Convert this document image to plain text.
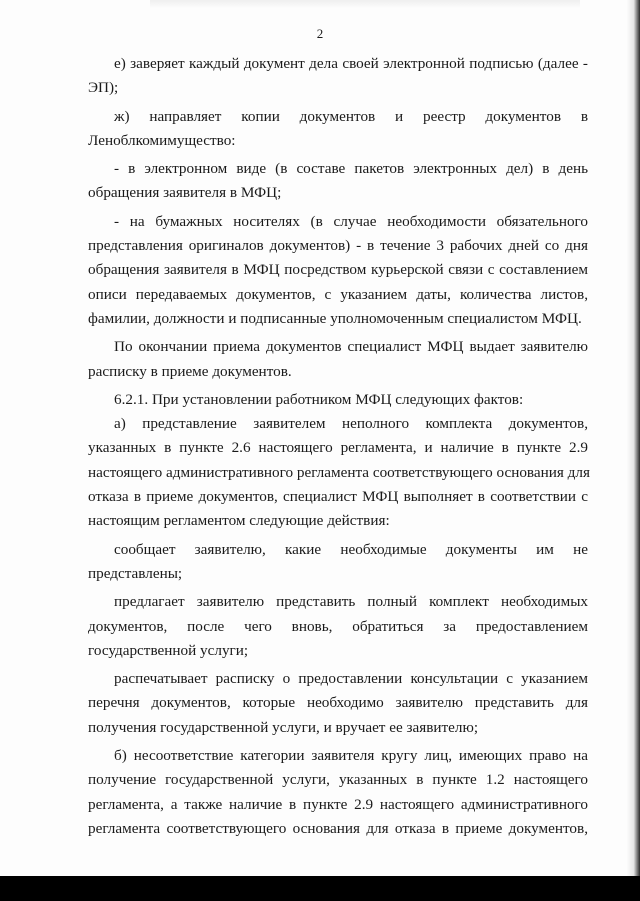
2
е) заверяет каждый документ дела своей электронной подписью (далее -
ЭП);
ж) направляет копии документов и реестр документов в
Леноблкомимущество:
- в электронном виде (в составе пакетов электронных дел) в день
обращения заявителя в МФЦ;
- на бумажных носителях (в случае необходимости обязательного
представления оригиналов документов) - в течение 3 рабочих дней со дня
обращения заявителя в МФЦ посредством курьерской связи с составлением
описи передаваемых документов, с указанием даты, количества листов,
фамилии, должности и подписанные уполномоченным специалистом МФЦ.
По окончании приема документов специалист МФЦ выдает заявителю
расписку в приеме документов.
6.2.1. При установлении работником МФЦ следующих фактов:
а) представление заявителем неполного комплекта документов,
указанных в пункте 2.6 настоящего регламента, и наличие в пункте 2.9
настоящего административного регламента соответствующего основания для
отказа в приеме документов, специалист МФЦ выполняет в соответствии с
настоящим регламентом следующие действия:
сообщает заявителю, какие необходимые документы им не
представлены;
предлагает заявителю представить полный комплект необходимых
документов, после чего вновь, обратиться за предоставлением
государственной услуги;
распечатывает расписку о предоставлении консультации с указанием
перечня документов, которые необходимо заявителю представить для
получения государственной услуги, и вручает ее заявителю;
б) несоответствие категории заявителя кругу лиц, имеющих право на
получение государственной услуги, указанных в пункте 1.2 настоящего
регламента, а также наличие в пункте 2.9 настоящего административного
регламента соответствующего основания для отказа в приеме документов,
